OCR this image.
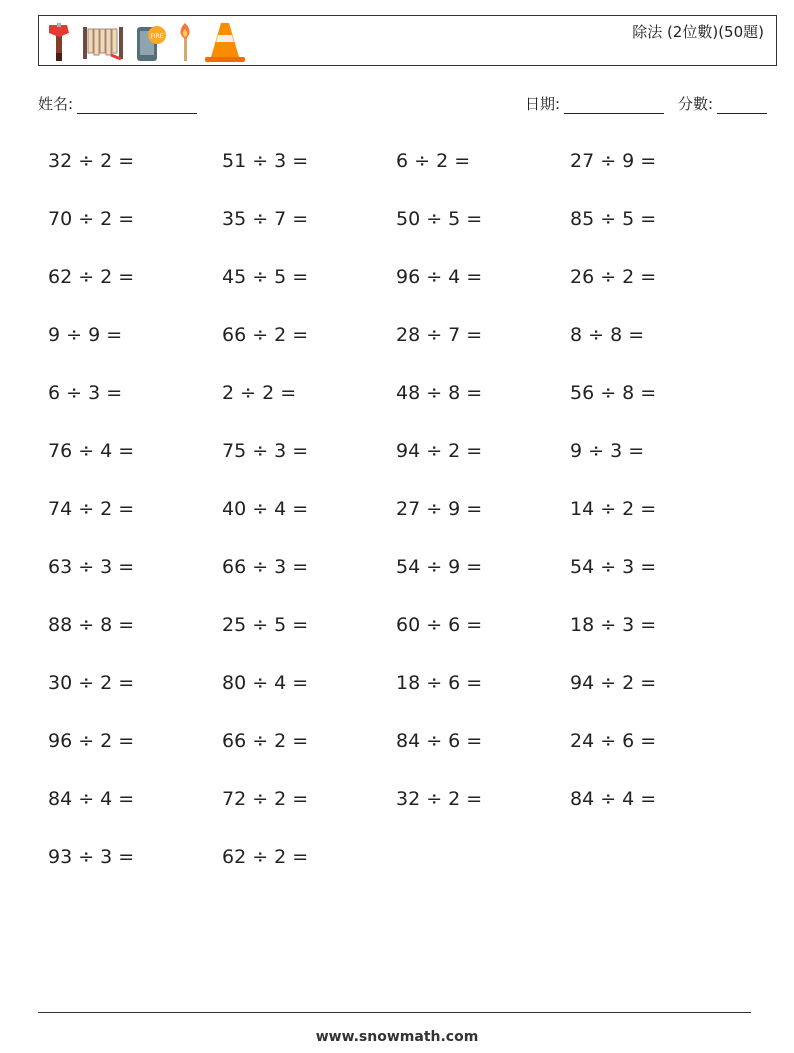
FIRE	除法 (2位數)(50題)
姓名:	日期:	分數:
32 ÷ 2 =	51 ÷ 3 =	6 ÷ 2 =	27 ÷ 9 =
70 ÷ 2 =	35 ÷ 7 =	50 ÷ 5 =	85 ÷ 5 =
62 ÷ 2 =	45 ÷ 5 =	96 ÷ 4 =	26 ÷ 2 =
9 ÷ 9 =	66 ÷ 2 =	28 ÷ 7 =	8 ÷ 8 =
6 ÷ 3 =	2 ÷ 2 =	48 ÷ 8 =	56 ÷ 8 =
76 ÷ 4 =	75 ÷ 3 =	94 ÷ 2 =	9 ÷ 3 =
74 ÷ 2 =	40 ÷ 4 =	27 ÷ 9 =	14 ÷ 2 =
63 ÷ 3 =	66 ÷ 3 =	54 ÷ 9 =	54 ÷ 3 =
88 ÷ 8 =	25 ÷ 5 =	60 ÷ 6 =	18 ÷ 3 =
30 ÷ 2 =	80 ÷ 4 =	18 ÷ 6 =	94 ÷ 2 =
96 ÷ 2 =	66 ÷ 2 =	84 ÷ 6 =	24 ÷ 6 =
84 ÷ 4 =	72 ÷ 2 =	32 ÷ 2 =	84 ÷ 4 =
93 ÷ 3 =	62 ÷ 2 =
www.snowmath.com
